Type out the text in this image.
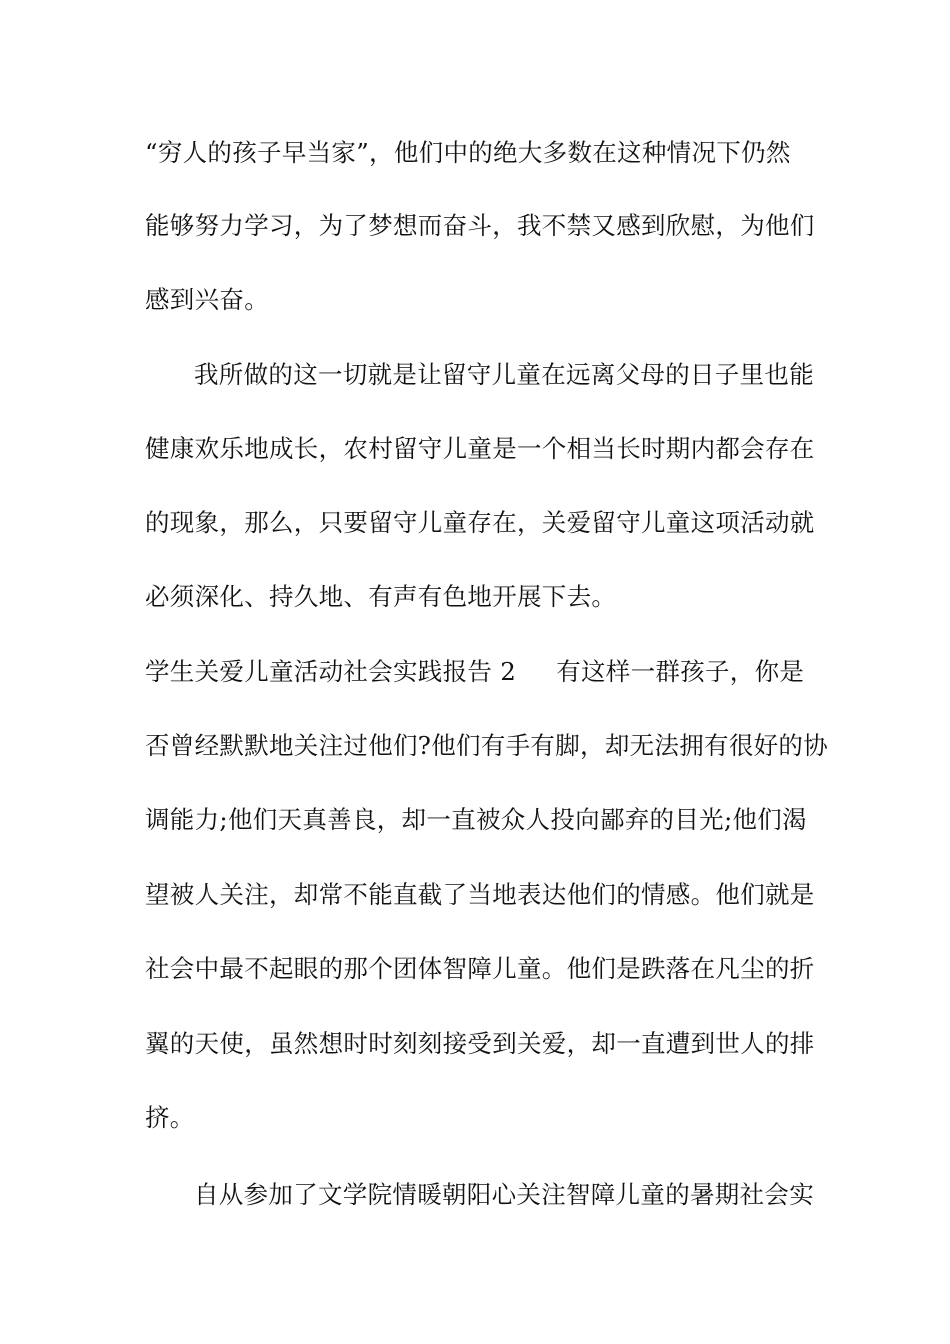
“穷人的孩子早当家”，他们中的绝大多数在这种情况下仍然
能够努力学习，为了梦想而奋斗，我不禁又感到欣慰，为他们
感到兴奋。
我所做的这一切就是让留守儿童在远离父母的日子里也能
健康欢乐地成长，农村留守儿童是一个相当长时期内都会存在
的现象，那么，只要留守儿童存在，关爱留守儿童这项活动就
必须深化、持久地、有声有色地开展下去。
学生关爱儿童活动社会实践报告 2 有这样一群孩子，你是
否曾经默默地关注过他们?他们有手有脚，却无法拥有很好的协
调能力;他们天真善良，却一直被众人投向鄙弃的目光;他们渴
望被人关注，却常不能直截了当地表达他们的情感。他们就是
社会中最不起眼的那个团体智障儿童。他们是跌落在凡尘的折
翼的天使，虽然想时时刻刻接受到关爱，却一直遭到世人的排
挤。
自从参加了文学院情暖朝阳心关注智障儿童的暑期社会实
